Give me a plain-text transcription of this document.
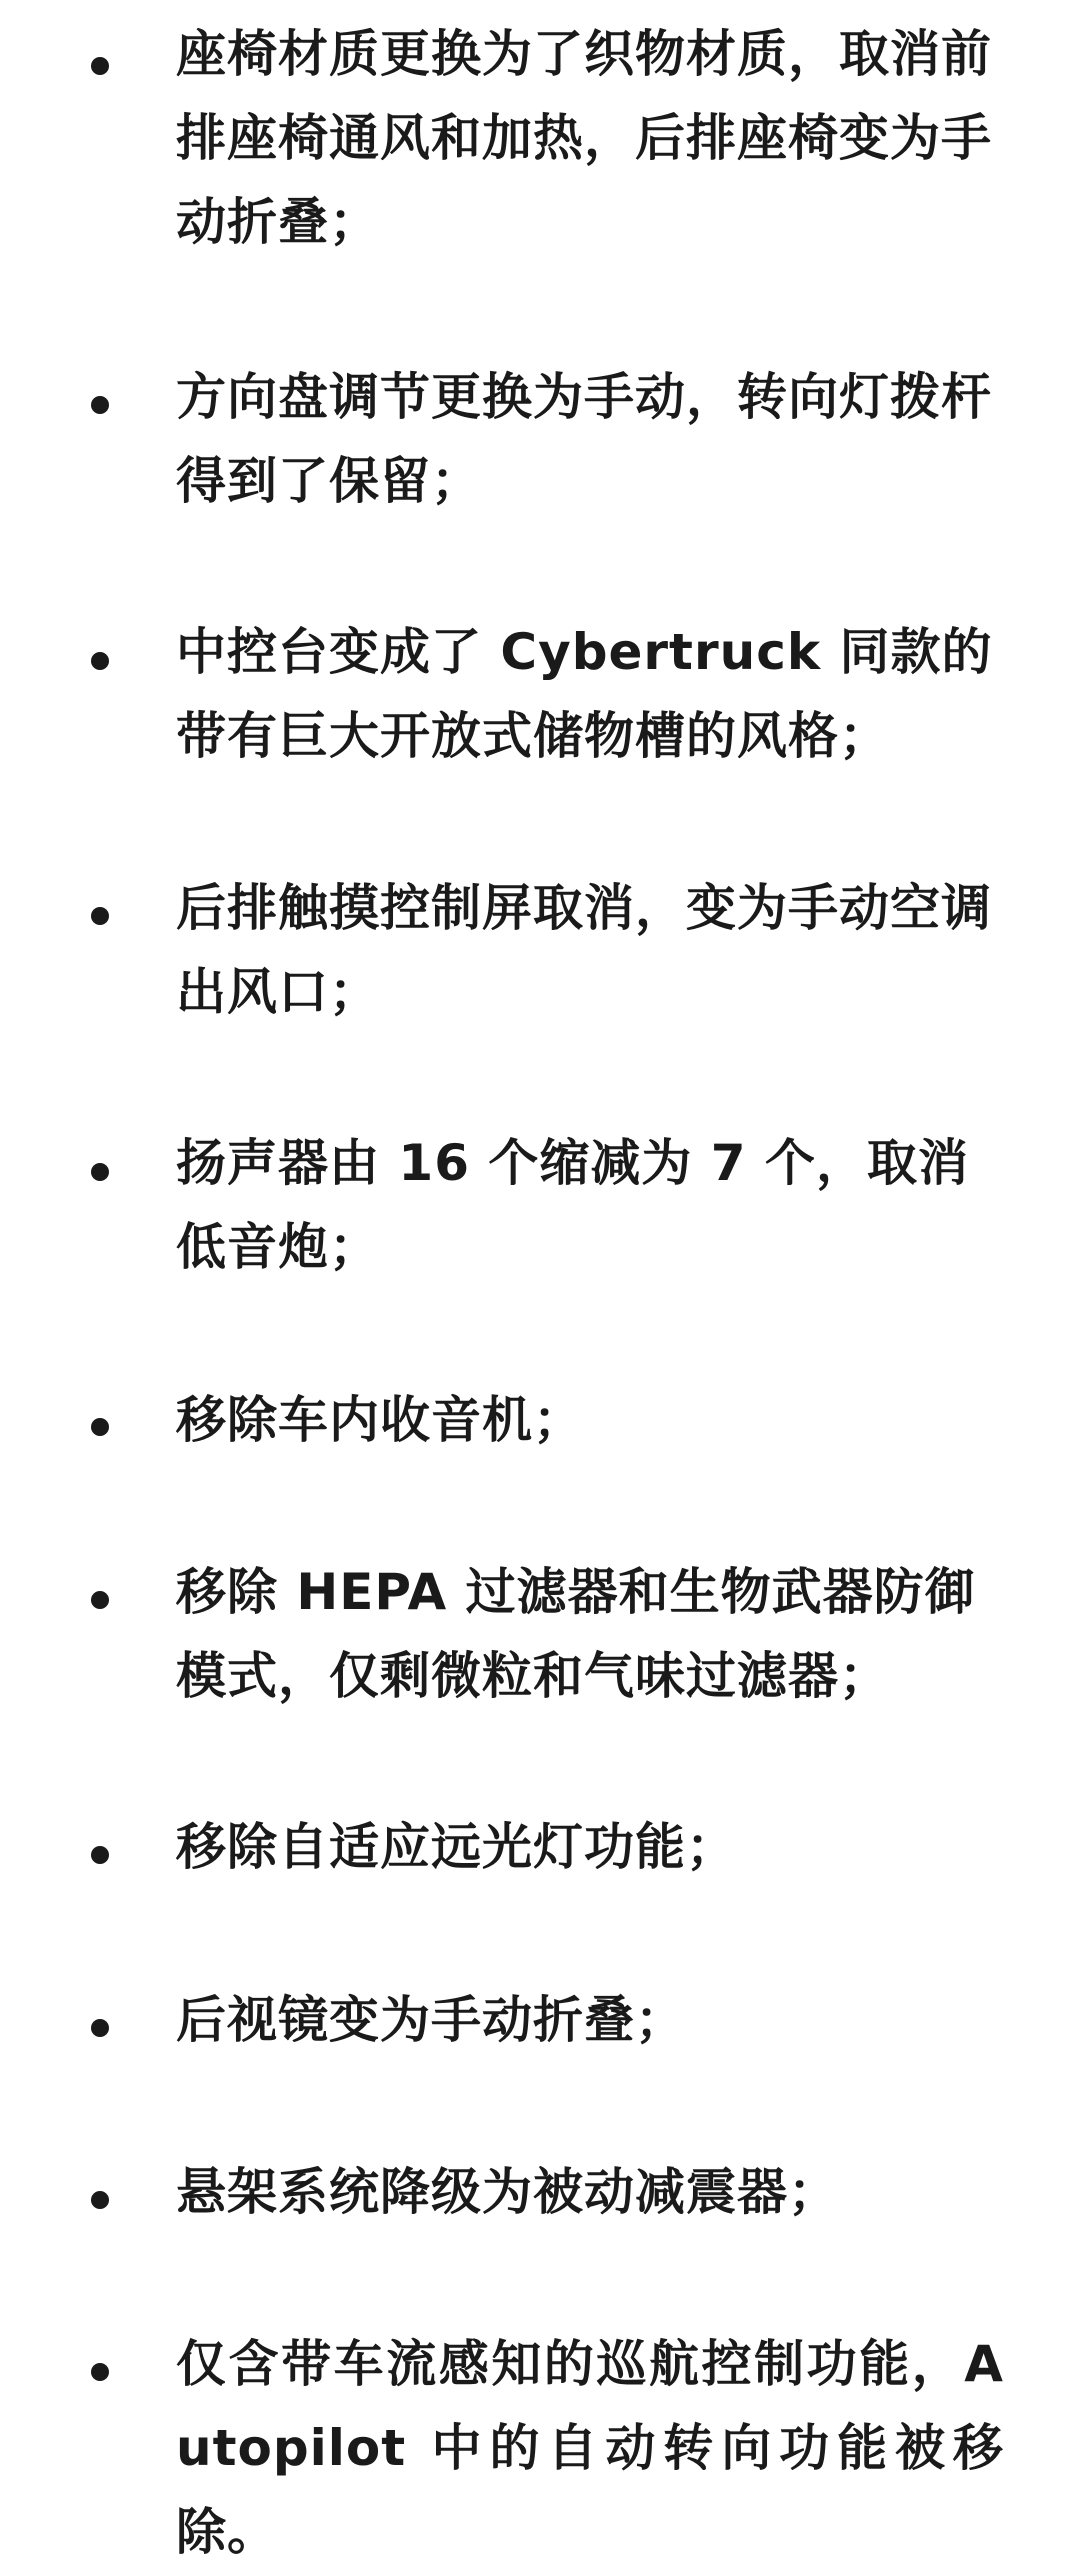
座椅材质更换为了织物材质，取消前排座椅通风和加热，后排座椅变为手动折叠；

方向盘调节更换为手动，转向灯拨杆得到了保留；

中控台变成了 Cybertruck 同款的带有巨大开放式储物槽的风格；

后排触摸控制屏取消，变为手动空调出风口；

扬声器由 16 个缩减为 7 个，取消低音炮；

移除车内收音机；

移除 HEPA 过滤器和生物武器防御模式，仅剩微粒和气味过滤器；

移除自适应远光灯功能；

后视镜变为手动折叠；

悬架系统降级为被动减震器；

仅含带车流感知的巡航控制功能，Autopilot 中的自动转向功能被移除。
